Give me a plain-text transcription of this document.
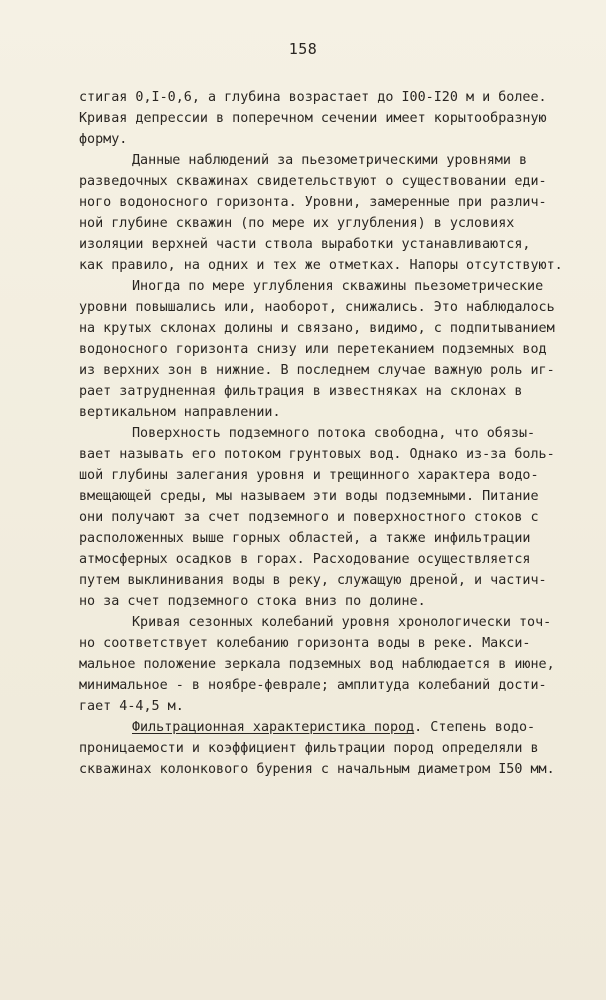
158
стигая 0,I-0,6, а глубина возрастает до I00-I20 м и более.
Кривая депрессии в поперечном сечении имеет корытообразную
форму.
Данные наблюдений за пьезометрическими уровнями в
разведочных скважинах свидетельствуют о существовании еди-
ного водоносного горизонта. Уровни, замеренные при различ-
ной глубине скважин (по мере их углубления) в условиях
изоляции верхней части ствола выработки устанавливаются,
как правило, на одних и тех же отметках. Напоры отсутствуют.
Иногда по мере углубления скважины пьезометрические
уровни повышались или, наоборот, снижались. Это наблюдалось
на крутых склонах долины и связано, видимо, с подпитыванием
водоносного горизонта снизу или перетеканием подземных вод
из верхних зон в нижние. В последнем случае важную роль иг-
рает затрудненная фильтрация в известняках на склонах в
вертикальном направлении.
Поверхность подземного потока свободна, что обязы-
вает называть его потоком грунтовых вод. Однако из-за боль-
шой глубины залегания уровня и трещинного характера водо-
вмещающей среды, мы называем эти воды подземными. Питание
они получают за счет подземного и поверхностного стоков с
расположенных выше горных областей, а также инфильтрации
атмосферных осадков в горах. Расходование осуществляется
путем выклинивания воды в реку, служащую дреной, и частич-
но за счет подземного стока вниз по долине.
Кривая сезонных колебаний уровня хронологически точ-
но соответствует колебанию горизонта воды в реке. Макси-
мальное положение зеркала подземных вод наблюдается в июне,
минимальное - в ноябре-феврале; амплитуда колебаний дости-
гает 4-4,5 м.
Фильтрационная характеристика пород. Степень водо-
проницаемости и коэффициент фильтрации пород определяли в
скважинах колонкового бурения с начальным диаметром I50 мм.
